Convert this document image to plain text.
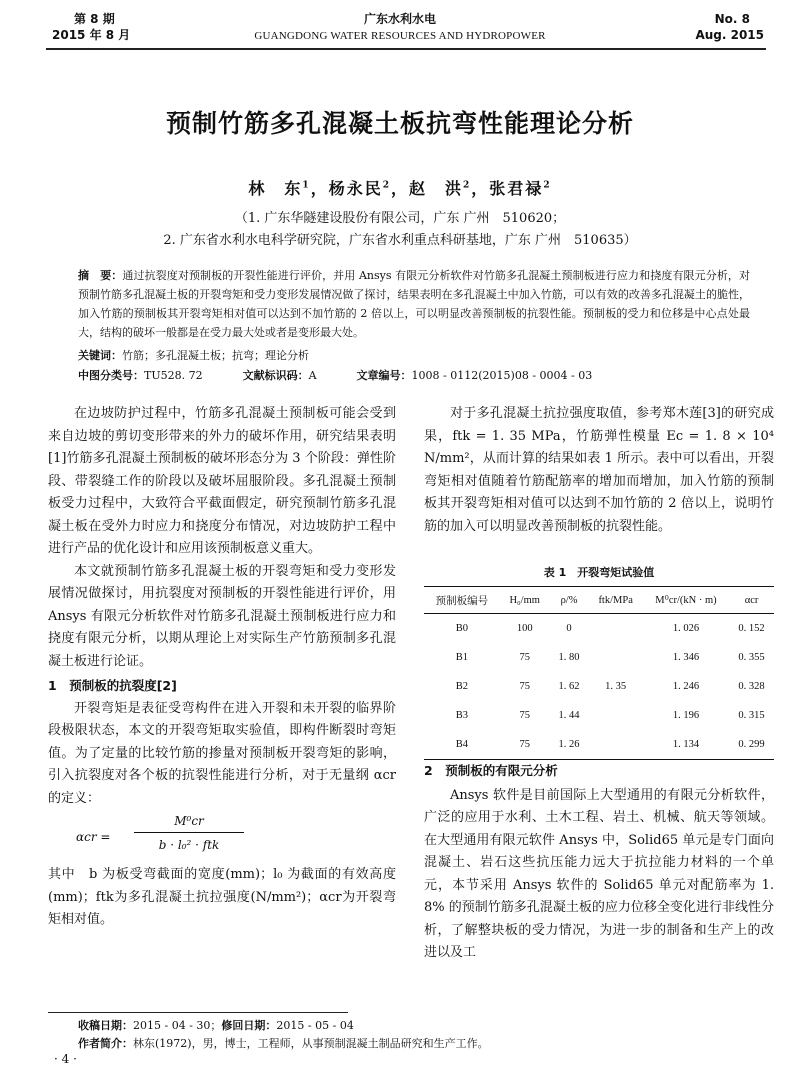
第 8 期
2015 年 8 月
广东水利水电
GUANGDONG WATER RESOURCES AND HYDROPOWER
No. 8
Aug. 2015
预制竹筋多孔混凝土板抗弯性能理论分析
林　东$^1$，杨永民$^2$，赵　洪$^2$，张君禄$^2$
（1. 广东华隧建设股份有限公司，广东 广州　510620；
2. 广东省水利水电科学研究院，广东省水利重点科研基地，广东 广州　510635）
摘　要：通过抗裂度对预制板的开裂性能进行评价，并用 Ansys 有限元分析软件对竹筋多孔混凝土预制板进行应力和挠度有限元分析，对预制竹筋多孔混凝土板的开裂弯矩和受力变形发展情况做了探讨，结果表明在多孔混凝土中加入竹筋，可以有效的改善多孔混凝土的脆性，加入竹筋的预制板其开裂弯矩相对值可以达到不加竹筋的 2 倍以上，可以明显改善预制板的抗裂性能。预制板的受力和位移是中心点处最大，结构的破坏一般都是在受力最大处或者是变形最大处。
关键词：竹筋；多孔混凝土板；抗弯；理论分析
中图分类号：TU528. 72	文献标识码：A	文章编号：1008 - 0112(2015)08 - 0004 - 03

在边坡防护过程中，竹筋多孔混凝土预制板可能会受到来自边坡的剪切变形带来的外力的破坏作用，研究结果表明[1]竹筋多孔混凝土预制板的破坏形态分为 3 个阶段：弹性阶段、带裂缝工作的阶段以及破坏屈服阶段。多孔混凝土预制板受力过程中，大致符合平截面假定，研究预制竹筋多孔混凝土板在受外力时应力和挠度分布情况，对边坡防护工程中进行产品的优化设计和应用该预制板意义重大。

本文就预制竹筋多孔混凝土板的开裂弯矩和受力变形发展情况做探讨，用抗裂度对预制板的开裂性能进行评价，用 Ansys 有限元分析软件对竹筋多孔混凝土预制板进行应力和挠度有限元分析，以期从理论上对实际生产竹筋预制多孔混凝土板进行论证。

1　预制板的抗裂度[2]

开裂弯矩是表征受弯构件在进入开裂和未开裂的临界阶段极限状态，本文的开裂弯矩取实验值，即构件断裂时弯矩值。为了定量的比较竹筋的掺量对预制板开裂弯矩的影响，引入抗裂度对各个板的抗裂性能进行分析，对于无量纲 αcr 的定义：

αcr =
M⁰cr
b · l₀² · ftk

其中　b 为板受弯截面的宽度(mm)；l₀ 为截面的有效高度(mm)；ftk为多孔混凝土抗拉强度(N/mm²)；αcr为开裂弯矩相对值。

对于多孔混凝土抗拉强度取值，参考郑木莲[3]的研究成果，ftk = 1. 35 MPa，竹筋弹性模量 Ec = 1. 8 × 10⁴ N/mm²，从而计算的结果如表 1 所示。表中可以看出，开裂弯矩相对值随着竹筋配筋率的增加而增加，加入竹筋的预制板其开裂弯矩相对值可以达到不加竹筋的 2 倍以上，说明竹筋的加入可以明显改善预制板的抗裂性能。

表 1　开裂弯矩试验值
预制板编号	H₀/mm	ρ/%	ftk/MPa	M⁰cr/(kN · m)	αcr
B0	100	0		1. 026	0. 152
B1	75	1. 80		1. 346	0. 355
B2	75	1. 62	1. 35	1. 246	0. 328
B3	75	1. 44		1. 196	0. 315
B4	75	1. 26		1. 134	0. 299
2　预制板的有限元分析

Ansys 软件是目前国际上大型通用的有限元分析软件，广泛的应用于水利、土木工程、岩土、机械、航天等领域。在大型通用有限元软件 Ansys 中，Solid65 单元是专门面向混凝土、岩石这些抗压能力远大于抗拉能力材料的一个单元，本节采用 Ansys 软件的 Solid65 单元对配筋率为 1. 8% 的预制竹筋多孔混凝土板的应力位移全变化进行非线性分析，了解整块板的受力情况，为进一步的制备和生产上的改进以及工

收稿日期：2015 - 04 - 30；修回日期：2015 - 05 - 04
作者简介：林东(1972)，男，博士，工程师，从事预制混凝土制品研究和生产工作。
· 4 ·
